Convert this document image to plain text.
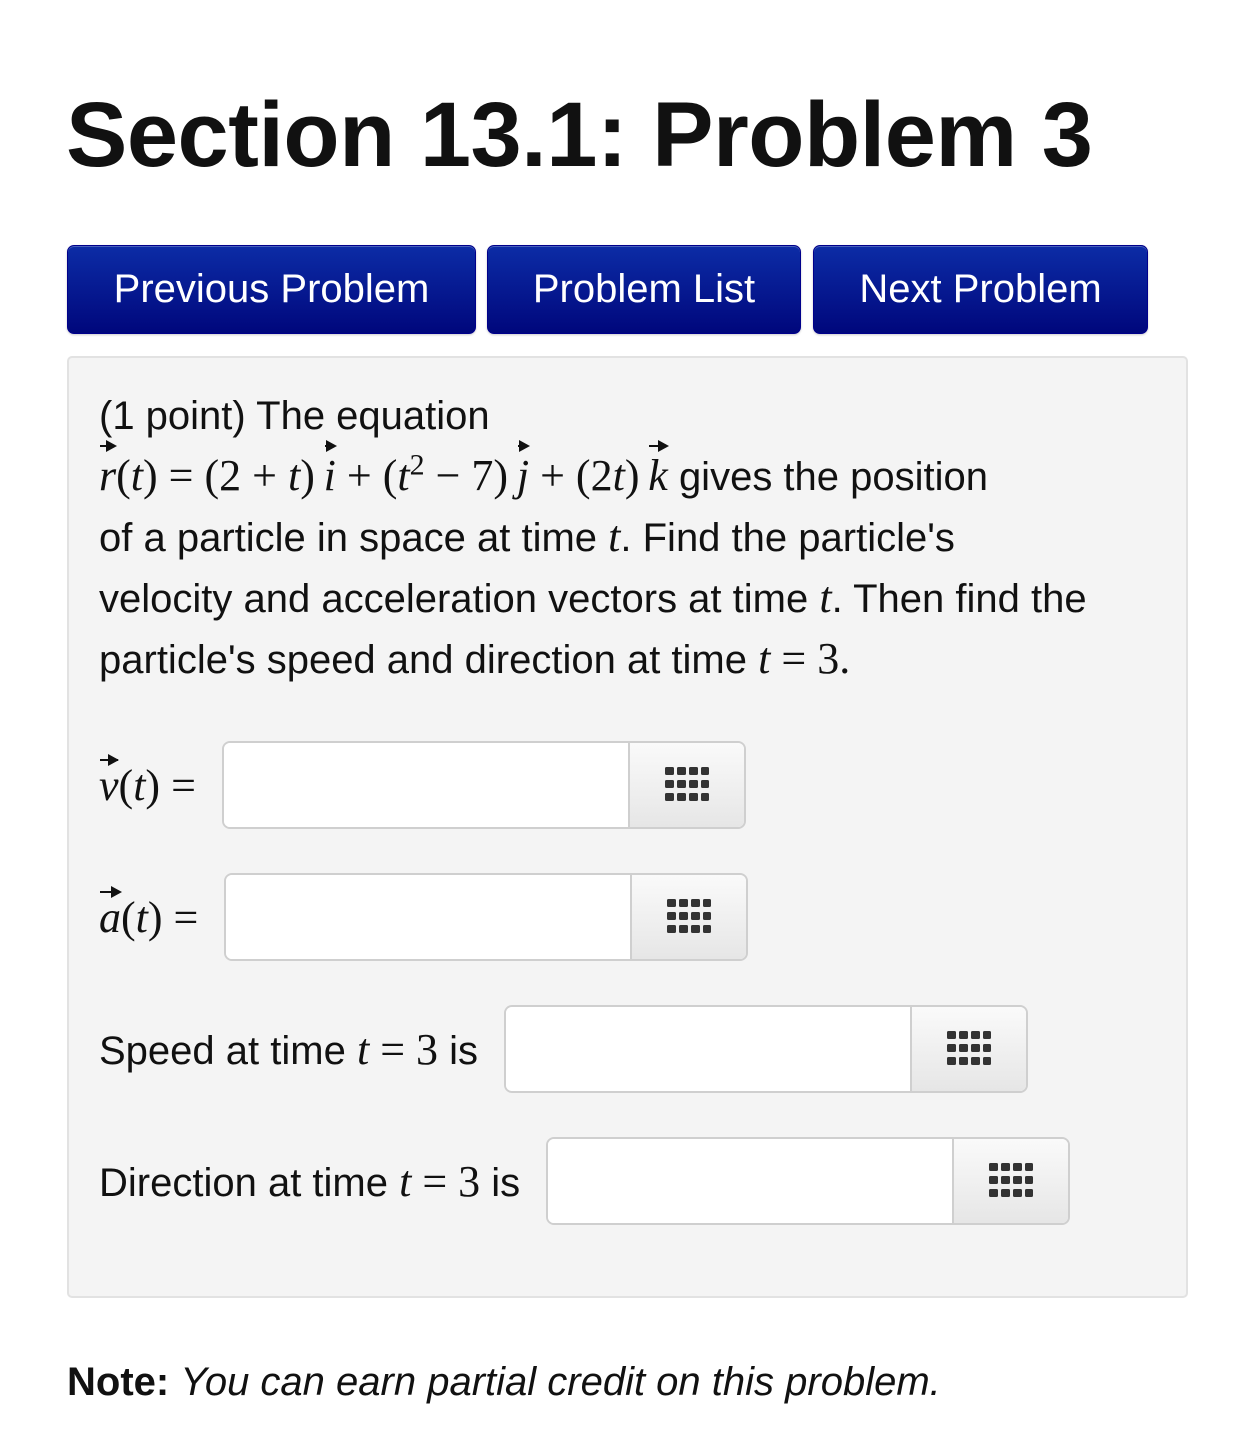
Section 13.1: Problem 3
Previous Problem	Problem List	Next Problem
(1 point) The equation
r(t) = (2 + t) $i + (t^2 - 7) j + (2t)$ k gives the position
of a particle in space at time t. Find the particle's
velocity and acceleration vectors at time t. Then find the
particle's speed and direction at time t = 3.
v(t) =
a(t) =
Speed at time t = 3 is
Direction at time t = 3 is
Note: You can earn partial credit on this problem.
